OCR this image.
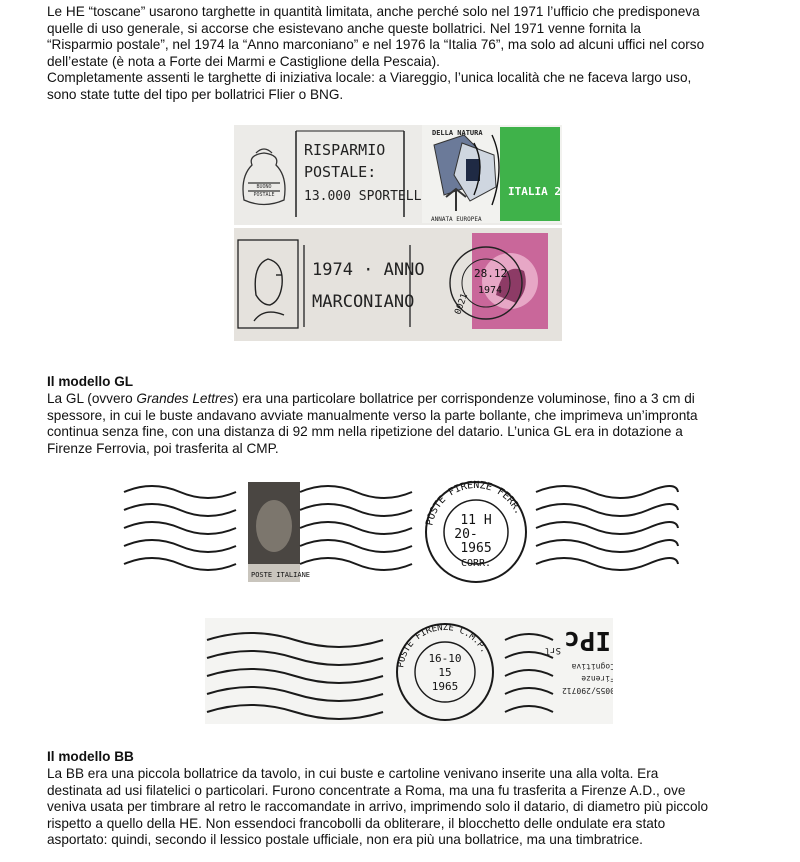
Le HE “toscane” usarono targhette in quantità limitata, anche perché solo nel 1971 l’ufficio che predisponeva

quelle di uso generale, si accorse che esistevano anche queste bollatrici. Nel 1971 venne fornita la

“Risparmio postale”, nel 1974 la “Anno marconiano” e nel 1976 la “Italia 76”, ma solo ad alcuni uffici nel corso

dell’estate (è nota a Forte dei Marmi e Castiglione della Pescaia).

Completamente assenti le targhette di iniziativa locale: a Viareggio, l’unica località che ne faceva largo uso,

sono state tutte del tipo per bollatrici Flier o BNG.

BUONO
POSTALE
RISPARMIO
POSTALE:
13.000 SPORTELL
DELLA NATURA
ANNATA EUROPEA
ITALIA 25
1974 · ANNO
MARCONIANO
28.12
1974
0021
Il modello GL

La GL (ovvero Grandes Lettres) era una particolare bollatrice per corrispondenze voluminose, fino a 3 cm di

spessore, in cui le buste andavano avviate manualmente verso la parte bollante, che imprimeva un’impronta

continua senza fine, con una distanza di 92 mm nella ripetizione del datario. L’unica GL era in dotazione a

Firenze Ferrovia, poi trasferita al CMP.

POSTE ITALIANE
POSTE FIRENZE FERR.
CORR.
11 H
20-
1965
POSTE FIRENZE C.M.P.
16-10
15
1965	0055/290712
Firenze
Cognitiva
IPc
Srl
Il modello BB

La BB era una piccola bollatrice da tavolo, in cui buste e cartoline venivano inserite una alla volta. Era

destinata ad usi filatelici o particolari. Furono concentrate a Roma, ma una fu trasferita a Firenze A.D., ove

veniva usata per timbrare al retro le raccomandate in arrivo, imprimendo solo il datario, di diametro più piccolo

rispetto a quello della HE. Non essendoci francobolli da obliterare, il blocchetto delle ondulate era stato

asportato: quindi, secondo il lessico postale ufficiale, non era più una bollatrice, ma una timbratrice.
